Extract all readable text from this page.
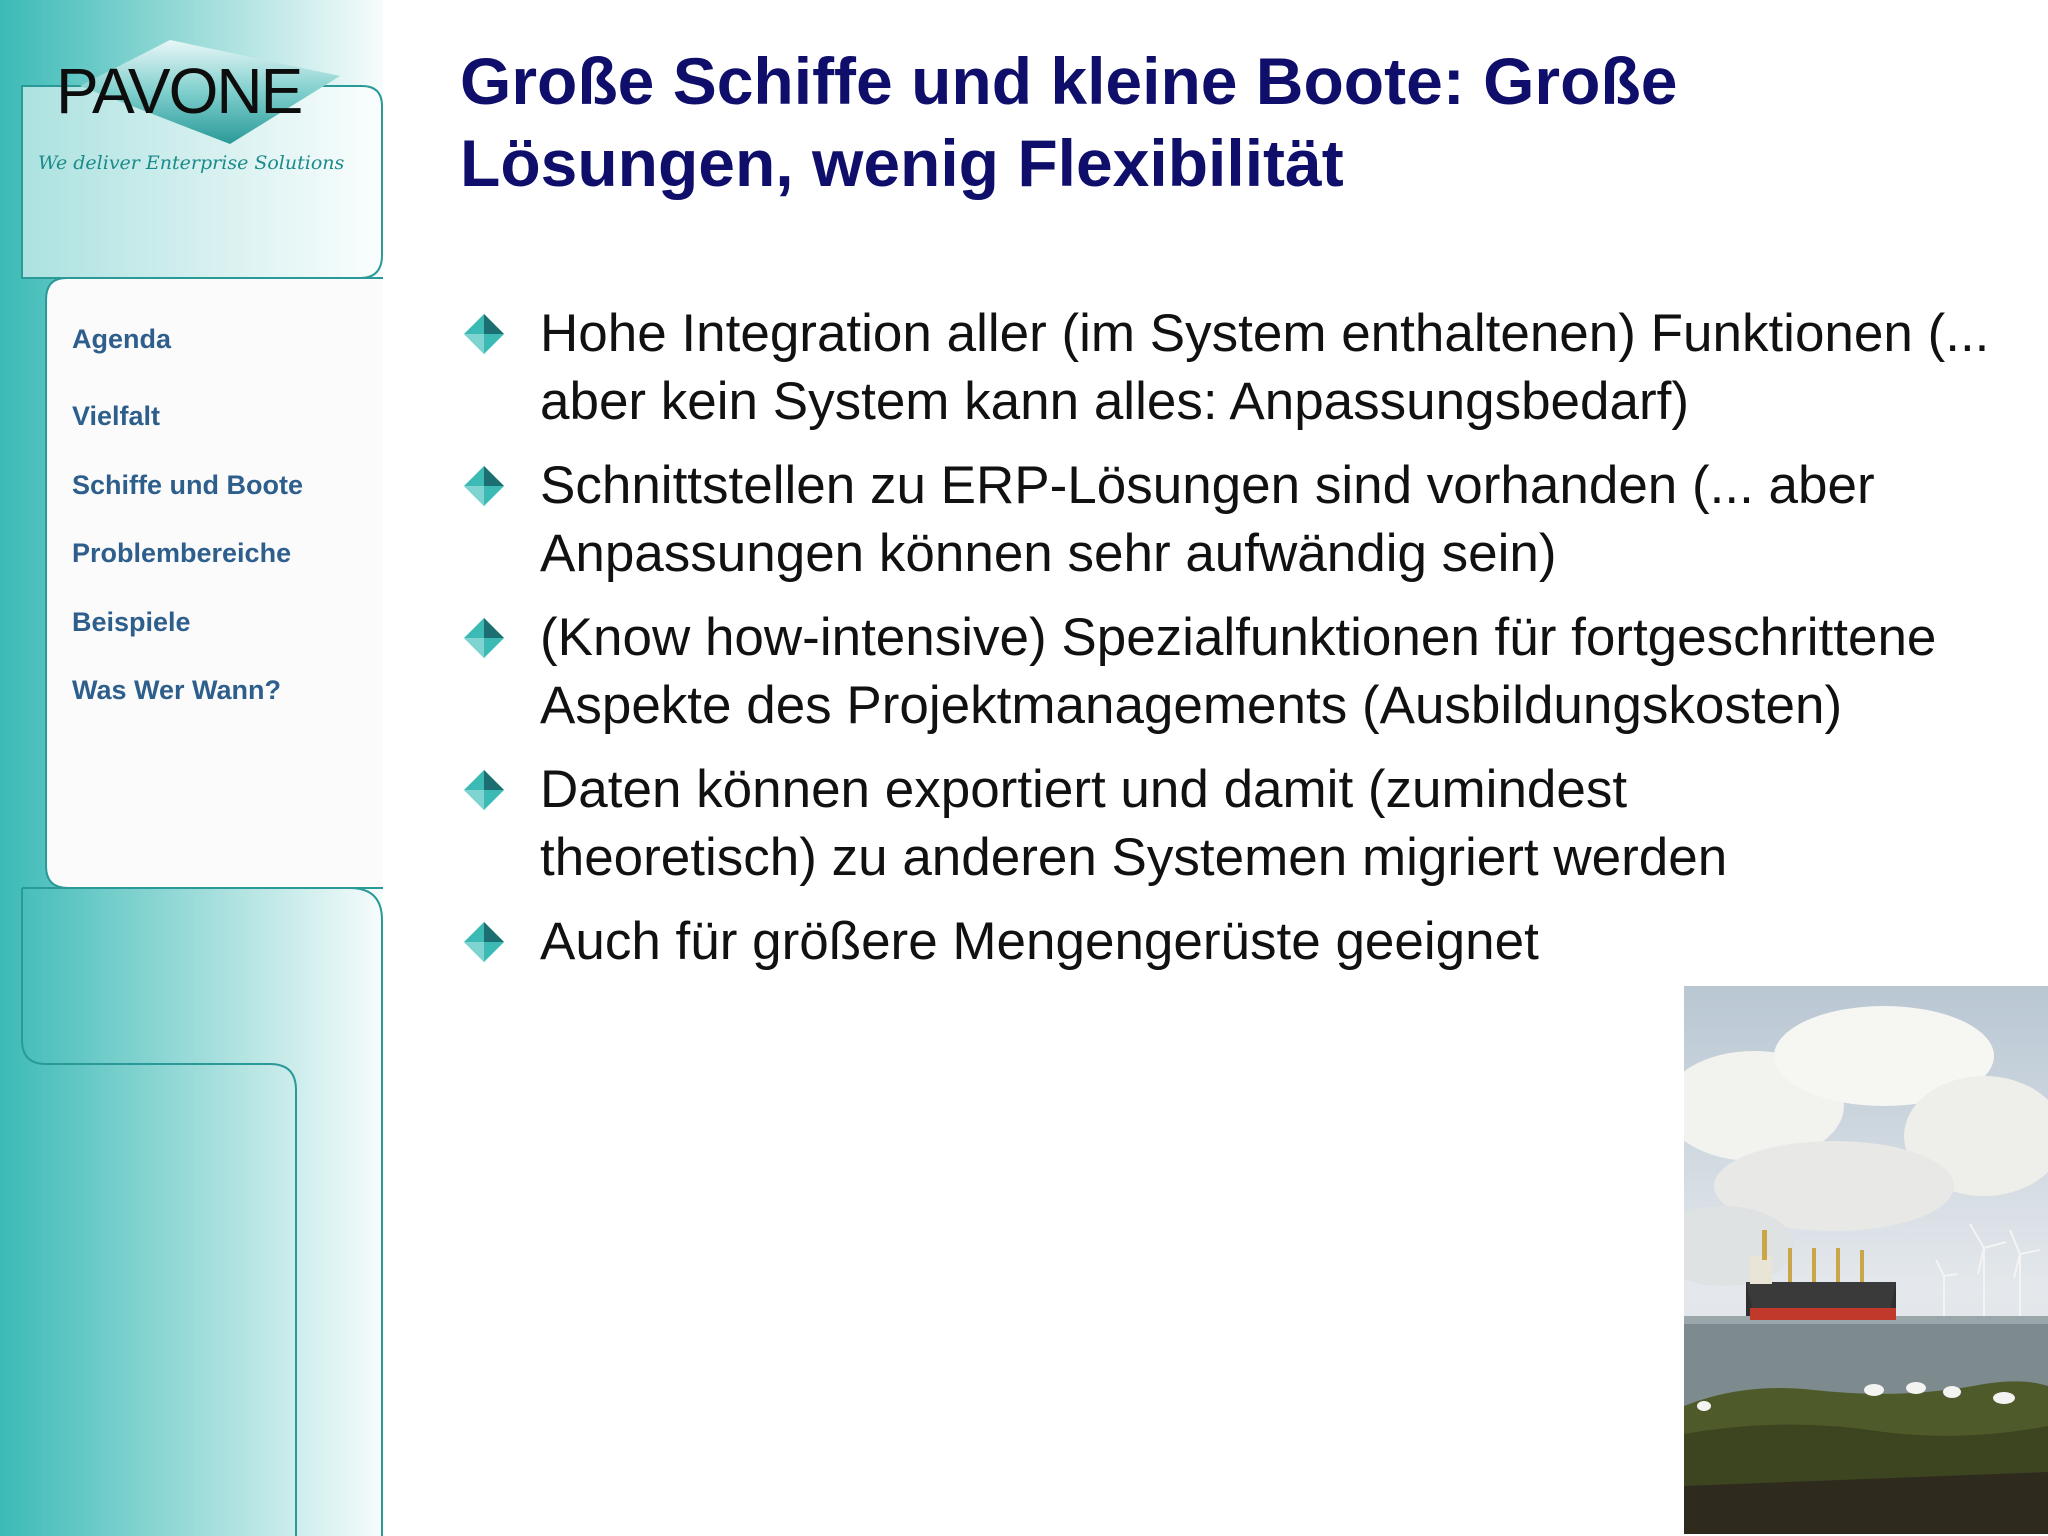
PAVONE
We deliver Enterprise Solutions
Agenda
Vielfalt
Schiffe und Boote
Problembereiche
Beispiele
Was Wer Wann?
Große Schiffe und kleine Boote: Große
Lösungen, wenig Flexibilität
Hohe Integration aller (im System enthaltenen) Funktionen (... aber kein System kann alles: Anpassungsbedarf)
Schnittstellen zu ERP-Lösungen sind vorhanden (... aber Anpassungen können sehr aufwändig sein)
(Know how-intensive) Spezialfunktionen für fortgeschrittene Aspekte des Projektmanagements (Ausbildungskosten)
Daten können exportiert und damit (zumindest theoretisch) zu anderen Systemen migriert werden
Auch für größere Mengengerüste geeignet
